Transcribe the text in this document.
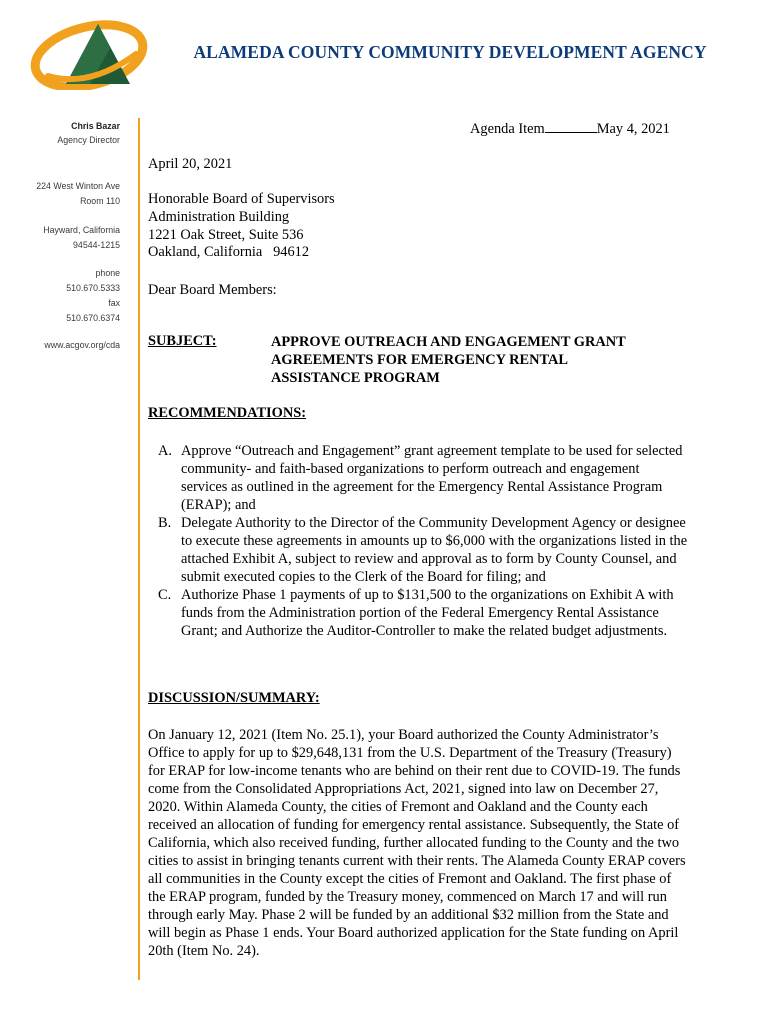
ALAMEDA COUNTY COMMUNITY DEVELOPMENT AGENCY
Chris Bazar
Agency Director
224 West Winton Ave
Room 110
Hayward, California
94544-1215
phone
510.670.5333
fax
510.670.6374
www.acgov.org/cda
Agenda Item	May 4, 2021
April 20, 2021
Honorable Board of Supervisors
Administration Building
1221 Oak Street, Suite 536
Oakland, California   94612
Dear Board Members:
SUBJECT:	APPROVE OUTREACH AND ENGAGEMENT GRANT
AGREEMENTS FOR EMERGENCY RENTAL
ASSISTANCE PROGRAM
RECOMMENDATIONS:
A. Approve “Outreach and Engagement” grant agreement template to be used for selected community- and faith-based organizations to perform outreach and engagement services as outlined in the agreement for the Emergency Rental Assistance Program (ERAP); and
B. Delegate Authority to the Director of the Community Development Agency or designee to execute these agreements in amounts up to $6,000 with the organizations listed in the attached Exhibit A, subject to review and approval as to form by County Counsel, and submit executed copies to the Clerk of the Board for filing; and
C. Authorize Phase 1 payments of up to $131,500 to the organizations on Exhibit A with funds from the Administration portion of the Federal Emergency Rental Assistance Grant; and Authorize the Auditor-Controller to make the related budget adjustments.
DISCUSSION/SUMMARY:
On January 12, 2021 (Item No. 25.1), your Board authorized the County Administrator’s Office to apply for up to $29,648,131 from the U.S. Department of the Treasury (Treasury) for ERAP for low-income tenants who are behind on their rent due to COVID-19. The funds come from the Consolidated Appropriations Act, 2021, signed into law on December 27, 2020. Within Alameda County, the cities of Fremont and Oakland and the County each received an allocation of funding for emergency rental assistance. Subsequently, the State of California, which also received funding, further allocated funding to the County and the two cities to assist in bringing tenants current with their rents. The Alameda County ERAP covers all communities in the County except the cities of Fremont and Oakland. The first phase of the ERAP program, funded by the Treasury money, commenced on March 17 and will run through early May. Phase 2 will be funded by an additional $32 million from the State and will begin as Phase 1 ends. Your Board authorized application for the State funding on April 20th (Item No. 24).
